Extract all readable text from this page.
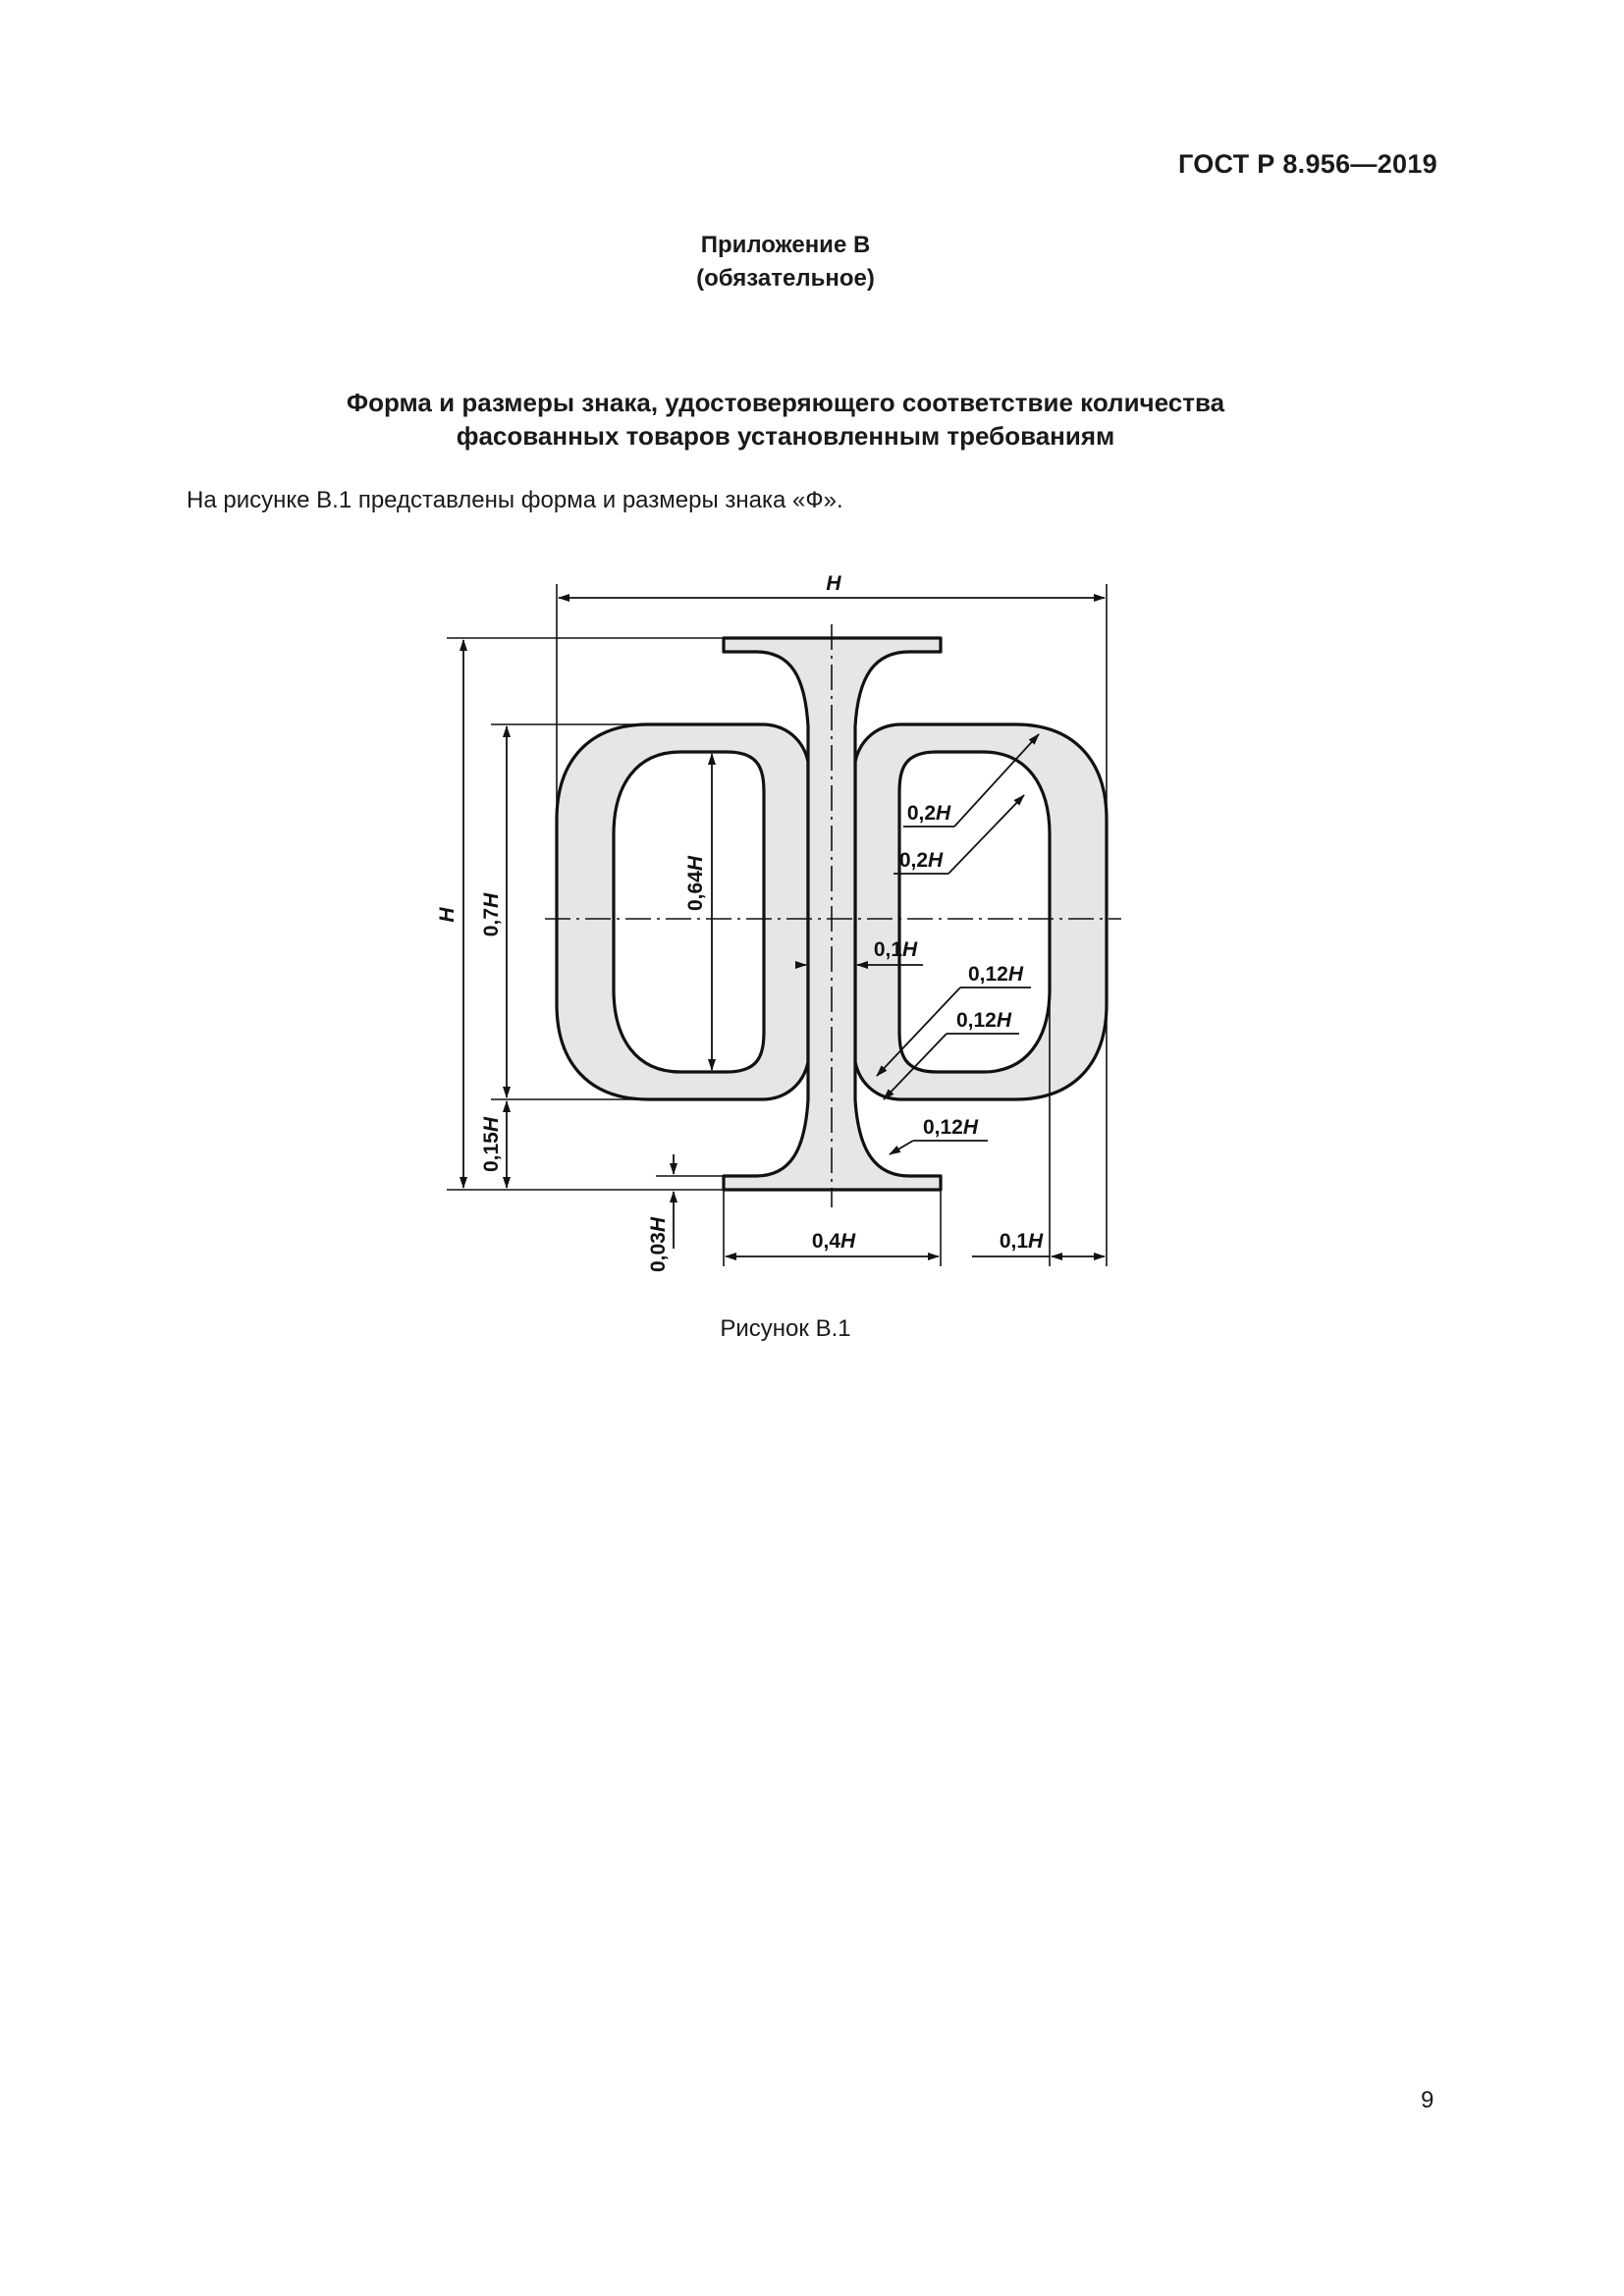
ГОСТ Р 8.956—2019
Приложение В
(обязательное)
Форма и размеры знака, удостоверяющего соответствие количества
фасованных товаров установленным требованиям
На рисунке В.1 представлены форма и размеры знака «Ф».
H
H 0,7H	0,64H
0,15H
0,03H
0,4H	0,1H
0,1H
0,2H
0,2H
0,12H
0,12H
0,12H
Рисунок В.1
9
